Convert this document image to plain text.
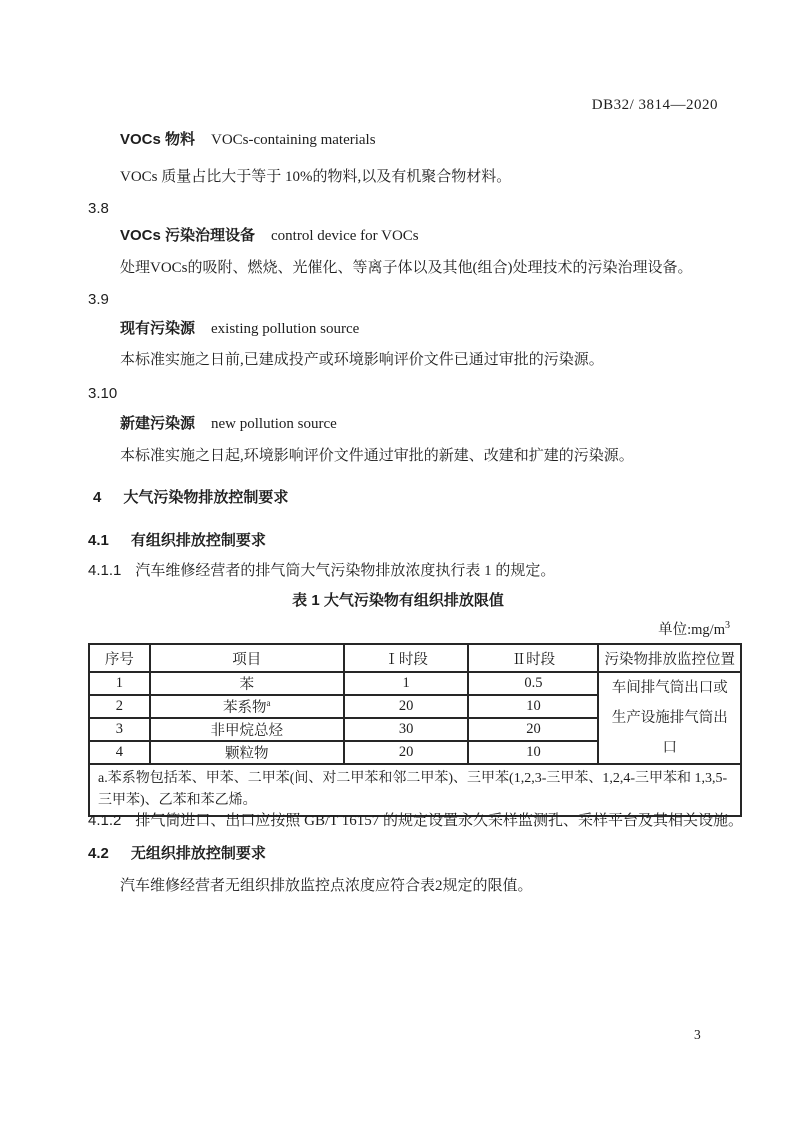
DB32/ 3814—2020
VOCs 物料 VOCs-containing materials
VOCs 质量占比大于等于 10%的物料,以及有机聚合物材料。
3.8
VOCs 污染治理设备 control device for VOCs
处理VOCs的吸附、燃烧、光催化、等离子体以及其他(组合)处理技术的污染治理设备。
3.9
现有污染源 existing pollution source
本标准实施之日前,已建成投产或环境影响评价文件已通过审批的污染源。
3.10
新建污染源 new pollution source
本标准实施之日起,环境影响评价文件通过审批的新建、改建和扩建的污染源。
4 大气污染物排放控制要求
4.1 有组织排放控制要求
4.1.1 汽车维修经营者的排气筒大气污染物排放浓度执行表 1 的规定。
表 1 大气污染物有组织排放限值
单位$:mg/m^3$
序号	项目	Ⅰ时段	Ⅱ时段	污染物排放监控位置
1	苯	1	0.5	车间排气筒出口或生产设施排气筒出口
2	苯系物$^a$	20	10	
3	非甲烷总烃	30	20	
4	颗粒物	20	10	
a.苯系物包括苯、甲苯、二甲苯(间、对二甲苯和邻二甲苯)、三甲苯(1,2,3-三甲苯、1,2,4-三甲苯和 1,3,5-三甲苯)、乙苯和苯乙烯。				
4.1.2 排气筒进口、出口应按照 GB/T 16157 的规定设置永久采样监测孔、采样平台及其相关设施。
4.2 无组织排放控制要求
汽车维修经营者无组织排放监控点浓度应符合表2规定的限值。
3
